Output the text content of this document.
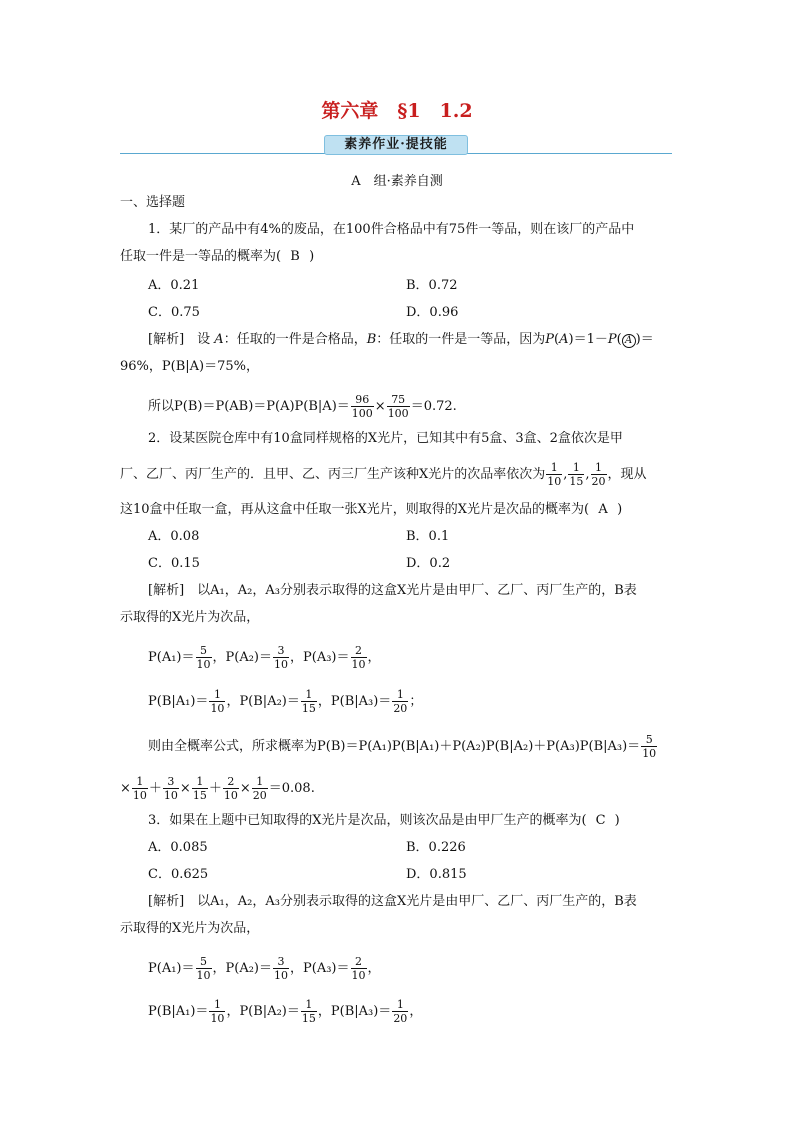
第六章　§1　1.2
素养作业·提技能
A　组·素养自测
一、选择题
1．某厂的产品中有4%的废品，在100件合格品中有75件一等品，则在该厂的产品中
任取一件是一等品的概率为( B )
A．0.21	B．0.72
C．0.75	D．0.96
[解析]　设 A：任取的一件是合格品，B：任取的一件是一等品，因为P(A)＝1－P( A )＝
96%，P(B|A)＝75%，
所以$P(B)=P(AB)=P(A)P(B|A)= \frac{96}{100} \times \frac{75}{100} =0.72$.
2．设某医院仓库中有10盒同样规格的X光片，已知其中有5盒、3盒、2盒依次是甲
厂、乙厂、丙厂生产的．且甲、乙、丙三厂生产该种X光片的次品率依次为 $\frac{1}{10}$ , $\frac{1}{15}$ , $\frac{1}{20}$ ，现从
这10盒中任取一盒，再从这盒中任取一张X光片，则取得的X光片是次品的概率为( A )
A．0.08	B．0.1
C．0.15	D．0.2
[解析]　以A₁，A₂，A₃分别表示取得的这盒X光片是由甲厂、乙厂、丙厂生产的，B表
示取得的X光片为次品，
$P(A_1)= \frac{5}{10}$ ，$P(A_2)= \frac{3}{10}$ ，$P(A_3)= \frac{2}{10}$ ，
$P(B|A_1)= \frac{1}{10}$ ，$P(B|A_2)= \frac{1}{15}$ ，$P(B|A_3)= \frac{1}{20}$ ；
则由全概率公式，所求概率为$P(B)=P(A_1)P(B|A_1)+P(A_2)P(B|A_2)+P(A_3)P(B|A_3)= \frac{5}{10}$
× $\frac{1}{10} + \frac{3}{10} \times \frac{1}{15} + \frac{2}{10} \times \frac{1}{20} =0.08$.
3．如果在上题中已知取得的X光片是次品，则该次品是由甲厂生产的概率为( C )
A．0.085	B．0.226
C．0.625	D．0.815
[解析]　以A₁，A₂，A₃分别表示取得的这盒X光片是由甲厂、乙厂、丙厂生产的，B表
示取得的X光片为次品，
$P(A_1)= \frac{5}{10}$ ，$P(A_2)= \frac{3}{10}$ ，$P(A_3)= \frac{2}{10}$ ，
$P(B|A_1)= \frac{1}{10}$ ，$P(B|A_2)= \frac{1}{15}$ ，$P(B|A_3)= \frac{1}{20}$ ，
